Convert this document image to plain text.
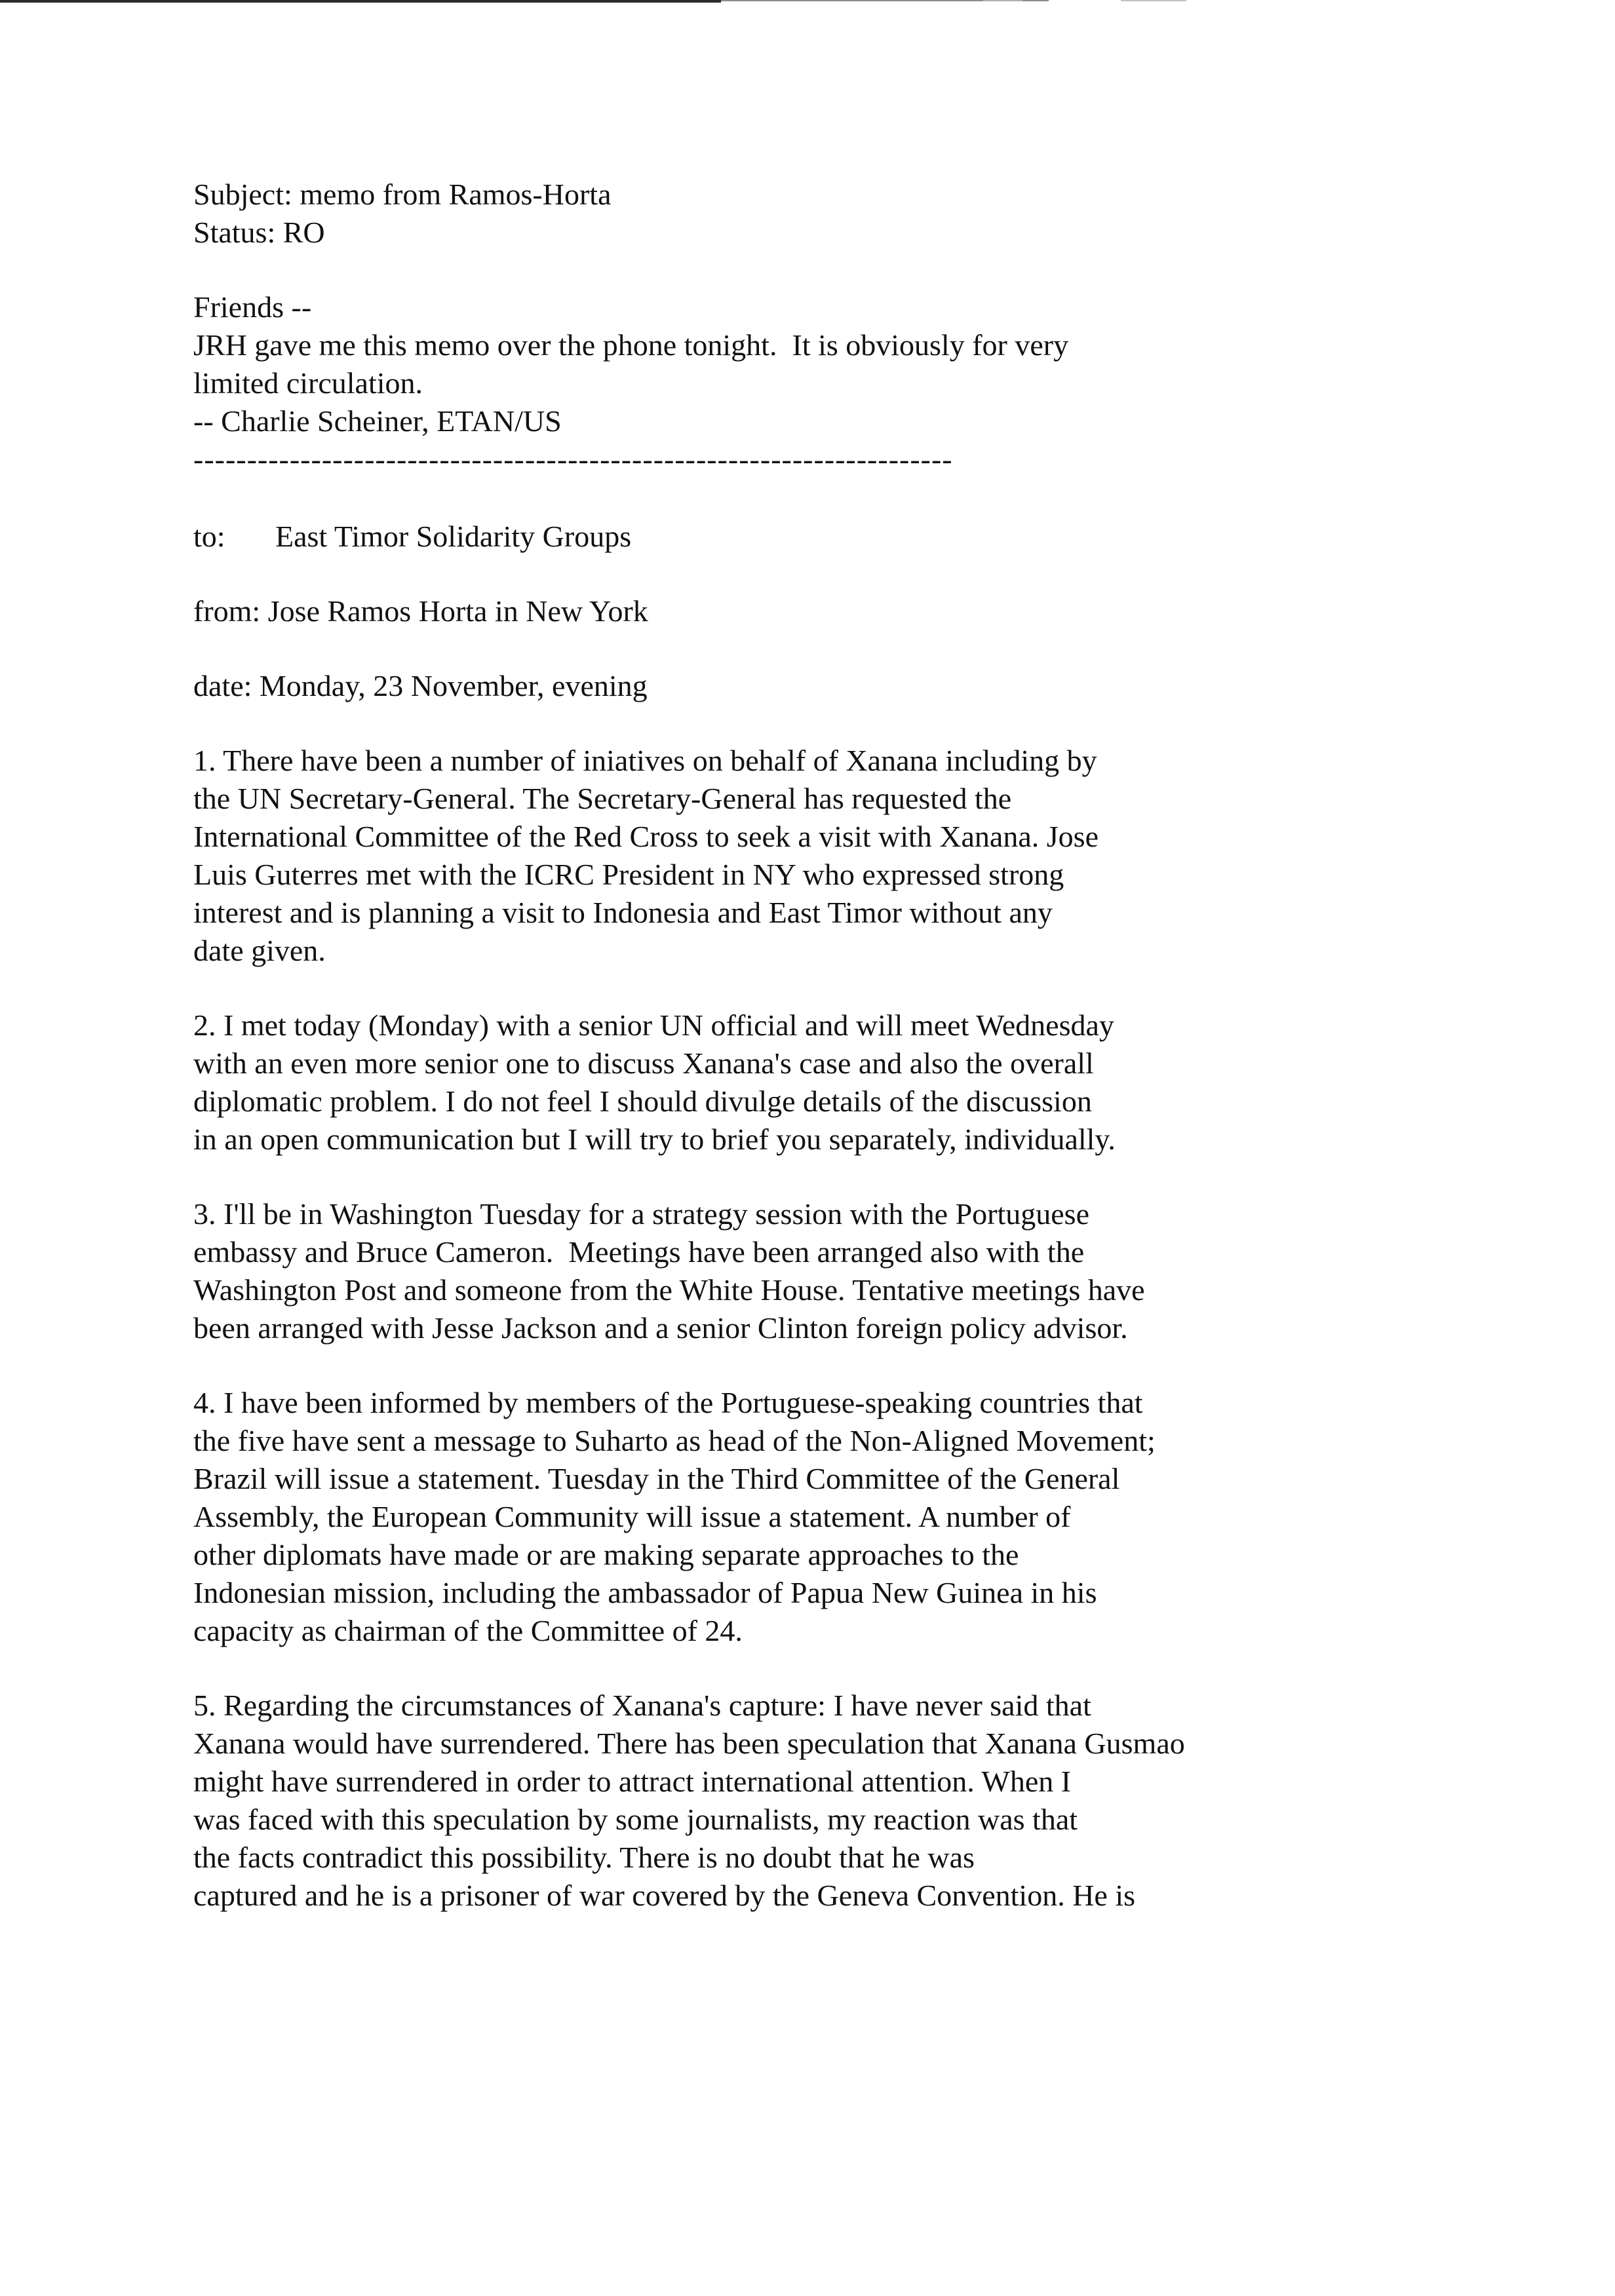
Subject: memo from Ramos-Horta
Status: RO
Friends --
JRH gave me this memo over the phone tonight.  It is obviously for very
limited circulation.
-- Charlie Scheiner, ETAN/US
-----------------------------------------------------------------------
to: East Timor Solidarity Groups
from: Jose Ramos Horta in New York
date: Monday, 23 November, evening

1. There have been a number of iniatives on behalf of Xanana including by
the UN Secretary-General. The Secretary-General has requested the
International Committee of the Red Cross to seek a visit with Xanana. Jose
Luis Guterres met with the ICRC President in NY who expressed strong
interest and is planning a visit to Indonesia and East Timor without any
date given.

2. I met today (Monday) with a senior UN official and will meet Wednesday
with an even more senior one to discuss Xanana's case and also the overall
diplomatic problem. I do not feel I should divulge details of the discussion
in an open communication but I will try to brief you separately, individually.

3. I'll be in Washington Tuesday for a strategy session with the Portuguese
embassy and Bruce Cameron.  Meetings have been arranged also with the
Washington Post and someone from the White House. Tentative meetings have
been arranged with Jesse Jackson and a senior Clinton foreign policy advisor.

4. I have been informed by members of the Portuguese-speaking countries that
the five have sent a message to Suharto as head of the Non-Aligned Movement;
Brazil will issue a statement. Tuesday in the Third Committee of the General
Assembly, the European Community will issue a statement. A number of
other diplomats have made or are making separate approaches to the
Indonesian mission, including the ambassador of Papua New Guinea in his
capacity as chairman of the Committee of 24.

5. Regarding the circumstances of Xanana's capture: I have never said that
Xanana would have surrendered. There has been speculation that Xanana Gusmao
might have surrendered in order to attract international attention. When I
was faced with this speculation by some journalists, my reaction was that
the facts contradict this possibility. There is no doubt that he was
captured and he is a prisoner of war covered by the Geneva Convention. He is
